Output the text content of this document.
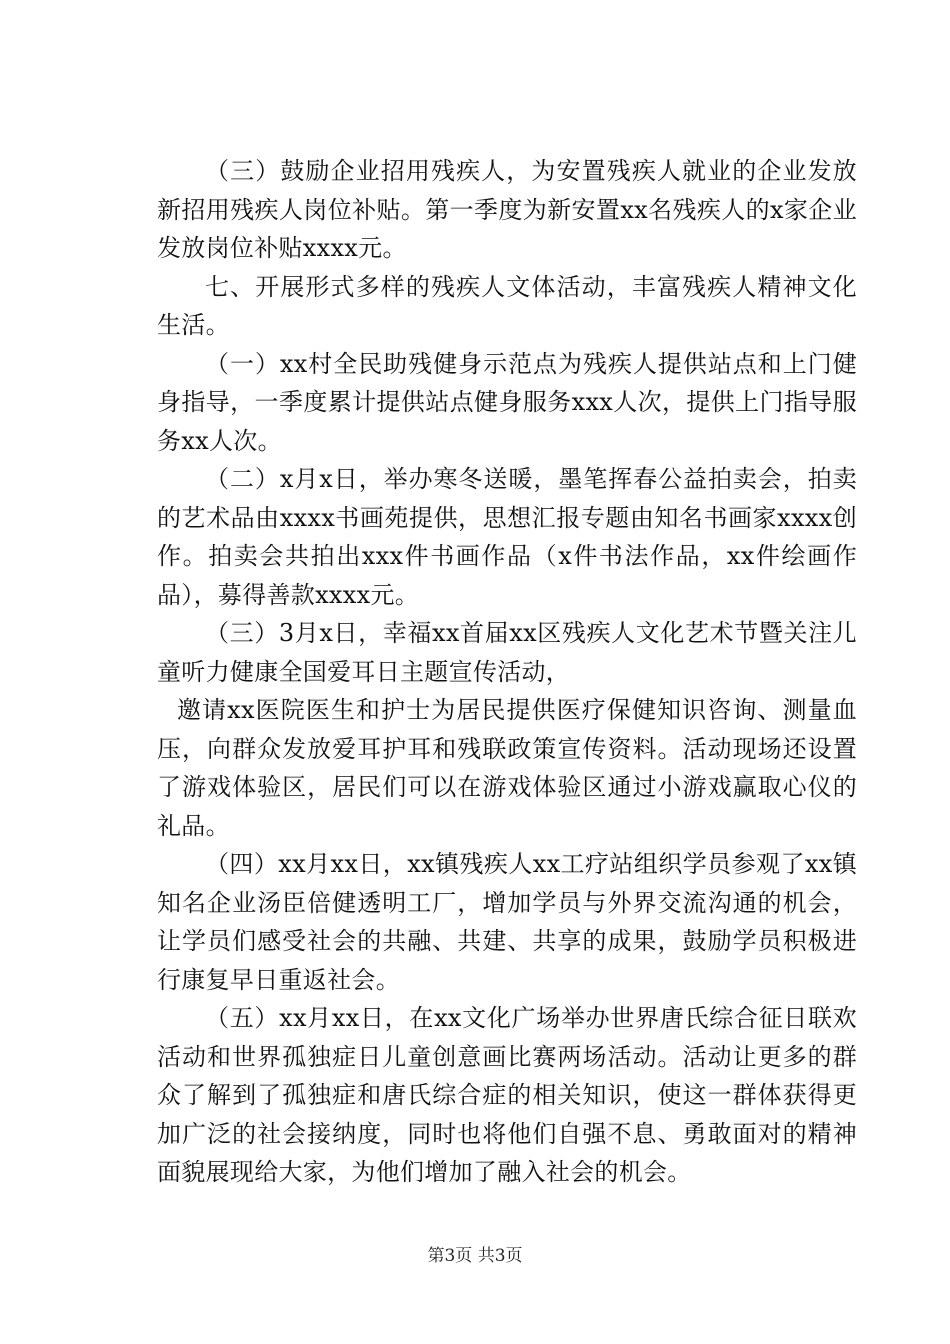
（三）鼓励企业招用残疾人，为安置残疾人就业的企业发放新招用残疾人岗位补贴。第一季度为新安置xx名残疾人的x家企业发放岗位补贴xxxx元。

七、开展形式多样的残疾人文体活动，丰富残疾人精神文化生活。

（一）xx村全民助残健身示范点为残疾人提供站点和上门健身指导，一季度累计提供站点健身服务xxx人次，提供上门指导服务xx人次。

（二）x月x日，举办寒冬送暖，墨笔挥春公益拍卖会，拍卖的艺术品由xxxx书画苑提供，思想汇报专题由知名书画家xxxx创作。拍卖会共拍出xxx件书画作品（x件书法作品，xx件绘画作品），募得善款xxxx元。

（三）3月x日，幸福xx首届xx区残疾人文化艺术节暨关注儿童听力健康全国爱耳日主题宣传活动，

邀请xx医院医生和护士为居民提供医疗保健知识咨询、测量血压，向群众发放爱耳护耳和残联政策宣传资料。活动现场还设置了游戏体验区，居民们可以在游戏体验区通过小游戏赢取心仪的礼品。

（四）xx月xx日，xx镇残疾人xx工疗站组织学员参观了xx镇知名企业汤臣倍健透明工厂，增加学员与外界交流沟通的机会，让学员们感受社会的共融、共建、共享的成果，鼓励学员积极进行康复早日重返社会。

（五）xx月xx日，在xx文化广场举办世界唐氏综合征日联欢活动和世界孤独症日儿童创意画比赛两场活动。活动让更多的群众了解到了孤独症和唐氏综合症的相关知识，使这一群体获得更加广泛的社会接纳度，同时也将他们自强不息、勇敢面对的精神面貌展现给大家，为他们增加了融入社会的机会。

第3页 共3页
